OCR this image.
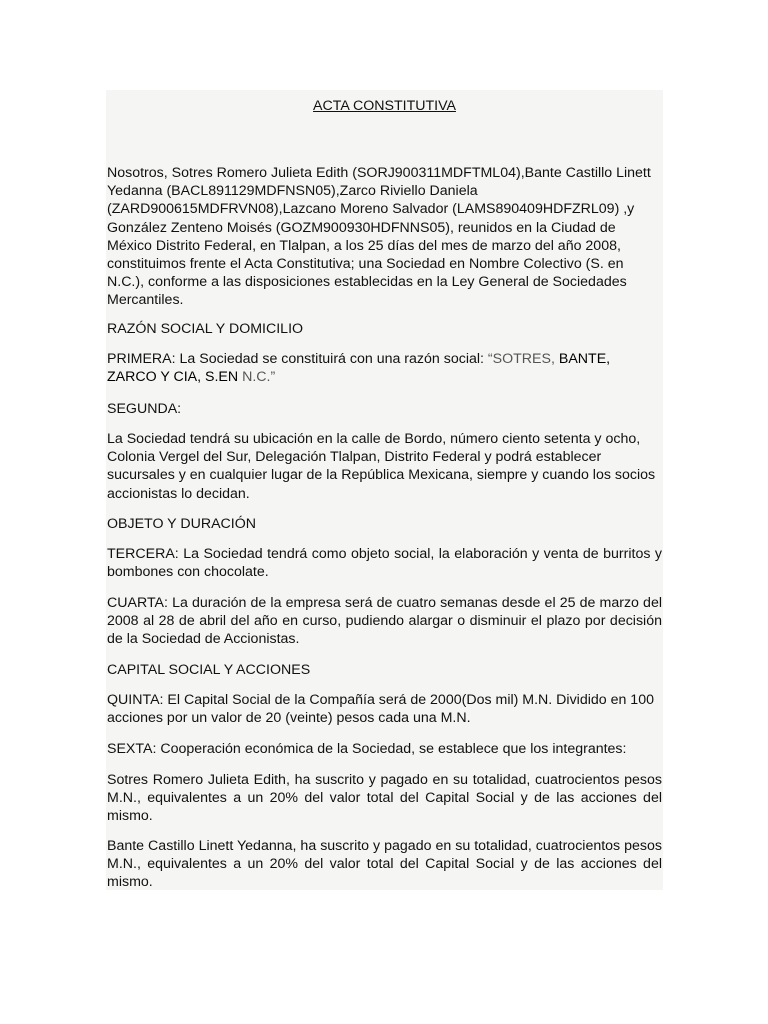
ACTA CONSTITUTIVA

Nosotros, Sotres Romero Julieta Edith (SORJ900311MDFTML04),Bante Castillo Linett Yedanna (BACL891129MDFNSN05),Zarco Riviello Daniela (ZARD900615MDFRVN08),Lazcano Moreno Salvador (LAMS890409HDFZRL09) ,y González Zenteno Moisés (GOZM900930HDFNNS05), reunidos en la Ciudad de México Distrito Federal, en Tlalpan, a los 25 días del mes de marzo del año 2008, constituimos frente el Acta Constitutiva; una Sociedad en Nombre Colectivo (S. en N.C.), conforme a las disposiciones establecidas en la Ley General de Sociedades Mercantiles.

RAZÓN SOCIAL Y DOMICILIO

PRIMERA: La Sociedad se constituirá con una razón social: “SOTRES, BANTE, ZARCO Y CIA, S.EN N.C.”

SEGUNDA:

La Sociedad tendrá su ubicación en la calle de Bordo, número ciento setenta y ocho, Colonia Vergel del Sur, Delegación Tlalpan, Distrito Federal y podrá establecer sucursales y en cualquier lugar de la República Mexicana, siempre y cuando los socios accionistas lo decidan.

OBJETO Y DURACIÓN

TERCERA: La Sociedad tendrá como objeto social, la elaboración y venta de burritos y bombones con chocolate.

CUARTA: La duración de la empresa será de cuatro semanas desde el 25 de marzo del 2008 al 28 de abril del año en curso, pudiendo alargar o disminuir el plazo por decisión de la Sociedad de Accionistas.

CAPITAL SOCIAL Y ACCIONES

QUINTA: El Capital Social de la Compañía será de 2000(Dos mil) M.N. Dividido en 100 acciones por un valor de 20 (veinte) pesos cada una M.N.

SEXTA: Cooperación económica de la Sociedad, se establece que los integrantes:

Sotres Romero Julieta Edith, ha suscrito y pagado en su totalidad, cuatrocientos pesos M.N., equivalentes a un 20% del valor total del Capital Social y de las acciones del mismo.

Bante Castillo Linett Yedanna, ha suscrito y pagado en su totalidad, cuatrocientos pesos M.N., equivalentes a un 20% del valor total del Capital Social y de las acciones del mismo.
